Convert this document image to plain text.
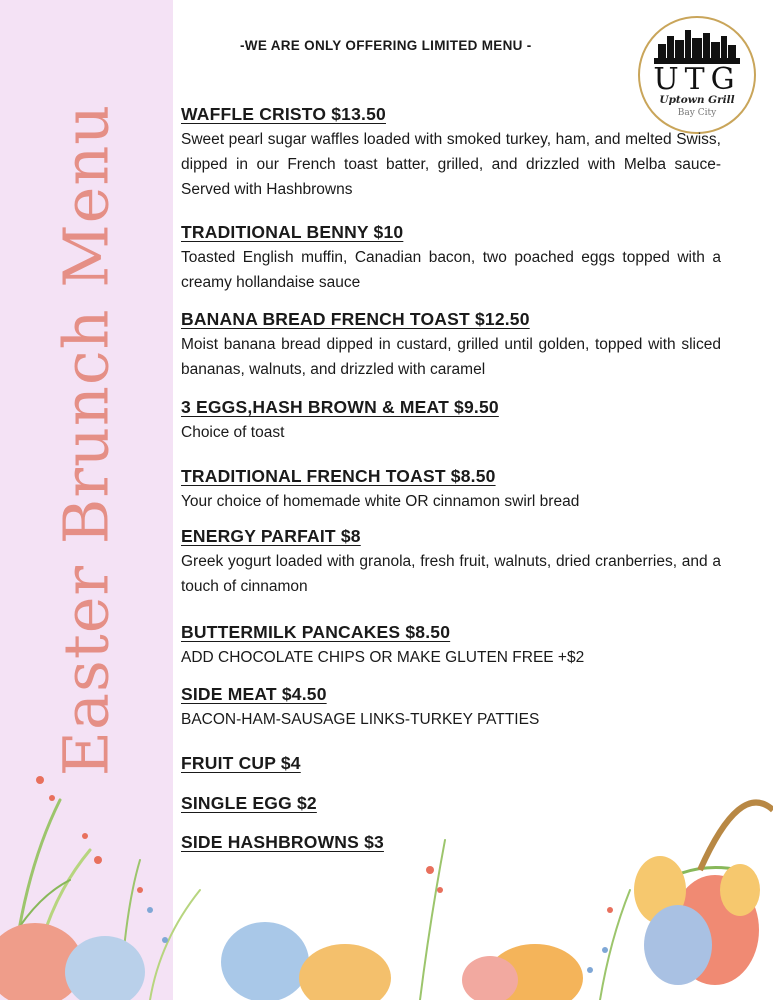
Easter Brunch Menu
-WE ARE ONLY OFFERING LIMITED MENU -
UTG
Uptown Grill
Bay City
WAFFLE CRISTO $13.50
Sweet pearl sugar waffles loaded with smoked turkey, ham, and melted Swiss, dipped in our French toast batter, grilled, and drizzled with Melba sauce- Served with Hashbrowns
TRADITIONAL BENNY $10
Toasted English muffin, Canadian bacon, two poached eggs topped with a creamy hollandaise sauce
BANANA BREAD FRENCH TOAST $12.50
Moist banana bread dipped in custard, grilled until golden, topped with sliced bananas, walnuts, and drizzled with caramel
3 EGGS,HASH BROWN & MEAT $9.50
Choice of toast
TRADITIONAL FRENCH TOAST $8.50
Your choice of homemade white OR cinnamon swirl bread
ENERGY PARFAIT $8
Greek yogurt loaded with granola, fresh fruit, walnuts, dried cranberries, and a touch of cinnamon
BUTTERMILK PANCAKES $8.50
ADD CHOCOLATE CHIPS OR MAKE GLUTEN FREE +$2
SIDE MEAT $4.50
BACON-HAM-SAUSAGE LINKS-TURKEY PATTIES
FRUIT CUP $4
SINGLE EGG $2
SIDE HASHBROWNS $3
menu|ix
